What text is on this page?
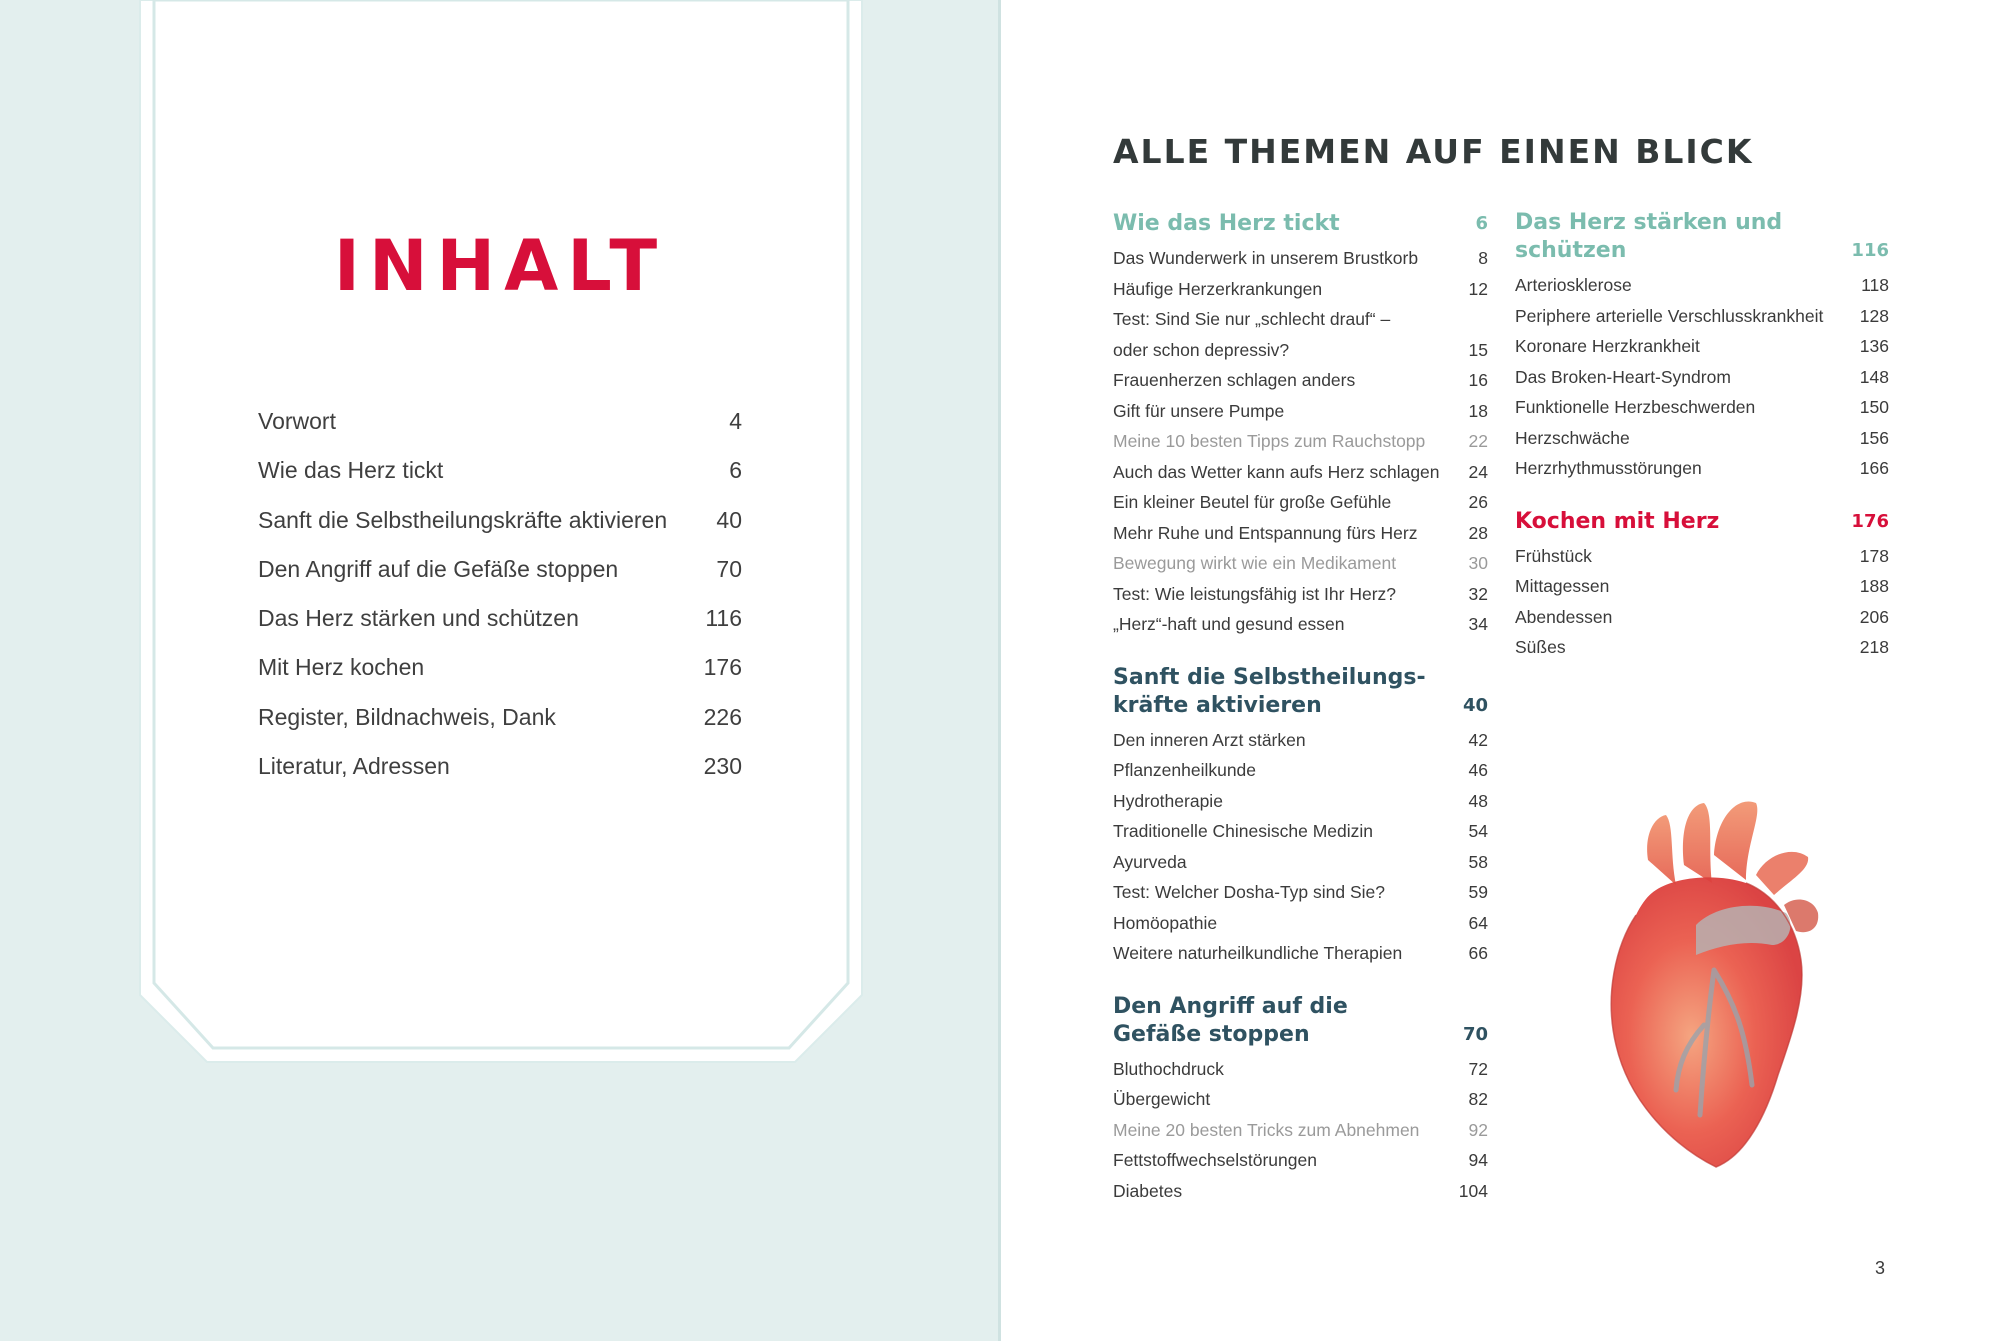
INHALT
Vorwort	4
Wie das Herz tickt	6
Sanft die Selbstheilungskräfte aktivieren 40
Den Angriff auf die Gefäße stoppen	70
Das Herz stärken und schützen	116
Mit Herz kochen	176
Register, Bildnachweis, Dank	226
Literatur, Adressen	230
ALLE THEMEN AUF EINEN BLICK
Wie das Herz tickt	6
Das Wunderwerk in unserem Brustkorb	8
Häufige Herzerkrankungen	12
Test: Sind Sie nur „schlecht drauf“ –
oder schon depressiv?	15
Frauenherzen schlagen anders	16
Gift für unsere Pumpe	18
Meine 10 besten Tipps zum Rauchstopp 22
Auch das Wetter kann aufs Herz schlagen 24
Ein kleiner Beutel für große Gefühle	26
Mehr Ruhe und Entspannung fürs Herz	28
Bewegung wirkt wie ein Medikament	30
Test: Wie leistungsfähig ist Ihr Herz?	32
„Herz“-haft und gesund essen	34
Sanft die Selbstheilungs-kräfte aktivieren	40
Den inneren Arzt stärken	42
Pflanzenheilkunde	46
Hydrotherapie	48
Traditionelle Chinesische Medizin	54
Ayurveda	58
Test: Welcher Dosha-Typ sind Sie?	59
Homöopathie	64
Weitere naturheilkundliche Therapien	66
Den Angriff auf die Gefäße stoppen	70
Bluthochdruck	72
Übergewicht	82
Meine 20 besten Tricks zum Abnehmen	92
Fettstoffwechselstörungen	94
Diabetes	104
Das Herz stärken und schützen	116
Arteriosklerose	118
Periphere arterielle Verschlusskrankheit 128
Koronare Herzkrankheit	136
Das Broken-Heart-Syndrom	148
Funktionelle Herzbeschwerden	150
Herzschwäche	156
Herzrhythmusstörungen	166
Kochen mit Herz	176
Frühstück	178
Mittagessen	188
Abendessen	206
Süßes	218
3
